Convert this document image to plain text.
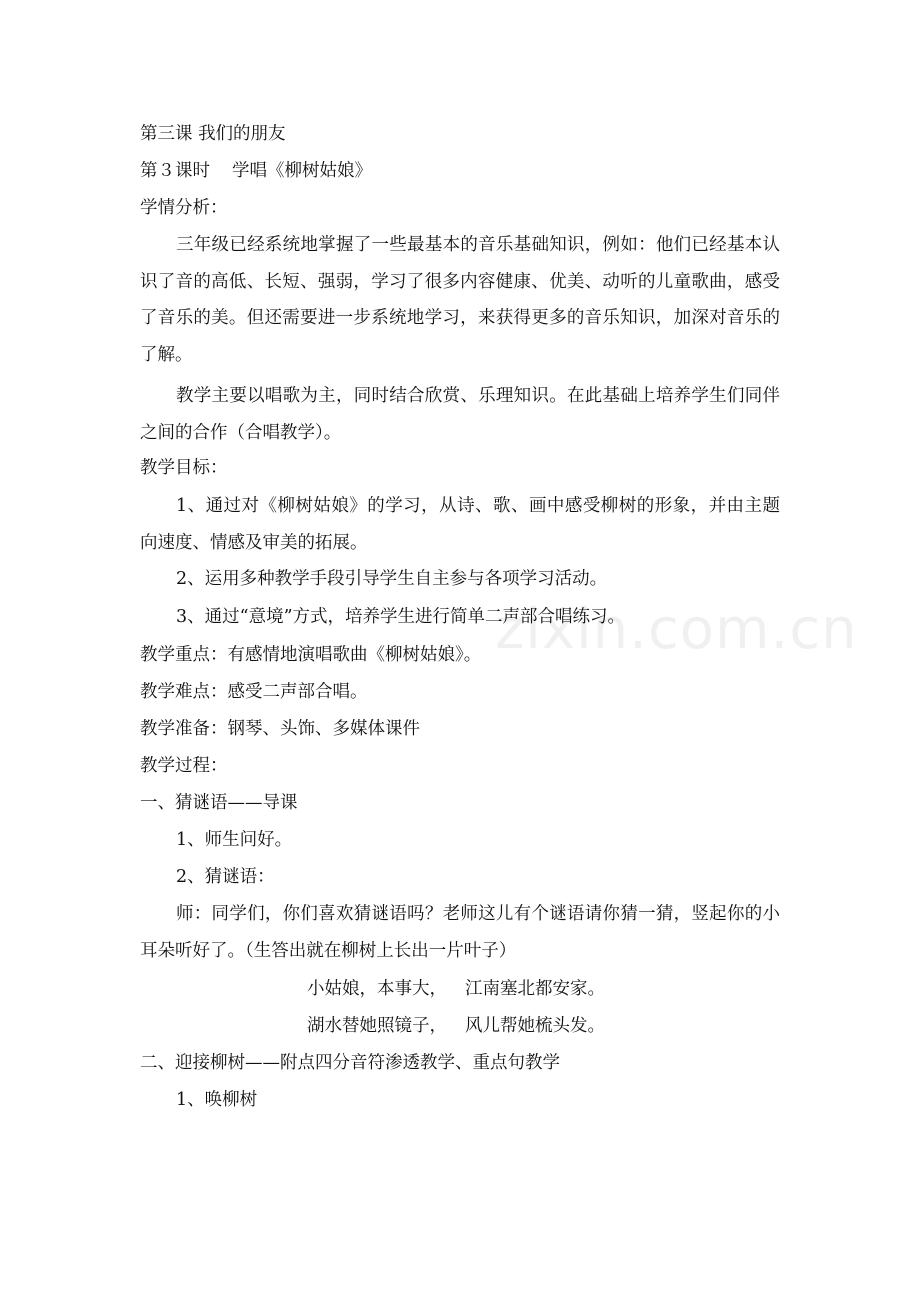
第三课 我们的朋友
第３课时 学唱《柳树姑娘》
学情分析：
三年级已经系统地掌握了一些最基本的音乐基础知识，例如：他们已经基本认识了音的高低、长短、强弱，学习了很多内容健康、优美、动听的儿童歌曲，感受了音乐的美。但还需要进一步系统地学习，来获得更多的音乐知识，加深对音乐的了解。
教学主要以唱歌为主，同时结合欣赏、乐理知识。在此基础上培养学生们同伴之间的合作（合唱教学）。
教学目标：
1、通过对《柳树姑娘》的学习，从诗、歌、画中感受柳树的形象，并由主题向速度、情感及审美的拓展。
2、运用多种教学手段引导学生自主参与各项学习活动。
3、通过“意境”方式，培养学生进行简单二声部合唱练习。
教学重点：有感情地演唱歌曲《柳树姑娘》。
教学难点：感受二声部合唱。
教学准备：钢琴、头饰、多媒体课件
教学过程：
一、猜谜语——导课
1、师生问好。
2、猜谜语：
师：同学们，你们喜欢猜谜语吗？老师这儿有个谜语请你猜一猜，竖起你的小耳朵听好了。（生答出就在柳树上长出一片叶子）
小姑娘，本事大， 江南塞北都安家。
湖水替她照镜子， 风儿帮她梳头发。
二、迎接柳树——附点四分音符渗透教学、重点句教学
1、唤柳树
zixin.com.cn
